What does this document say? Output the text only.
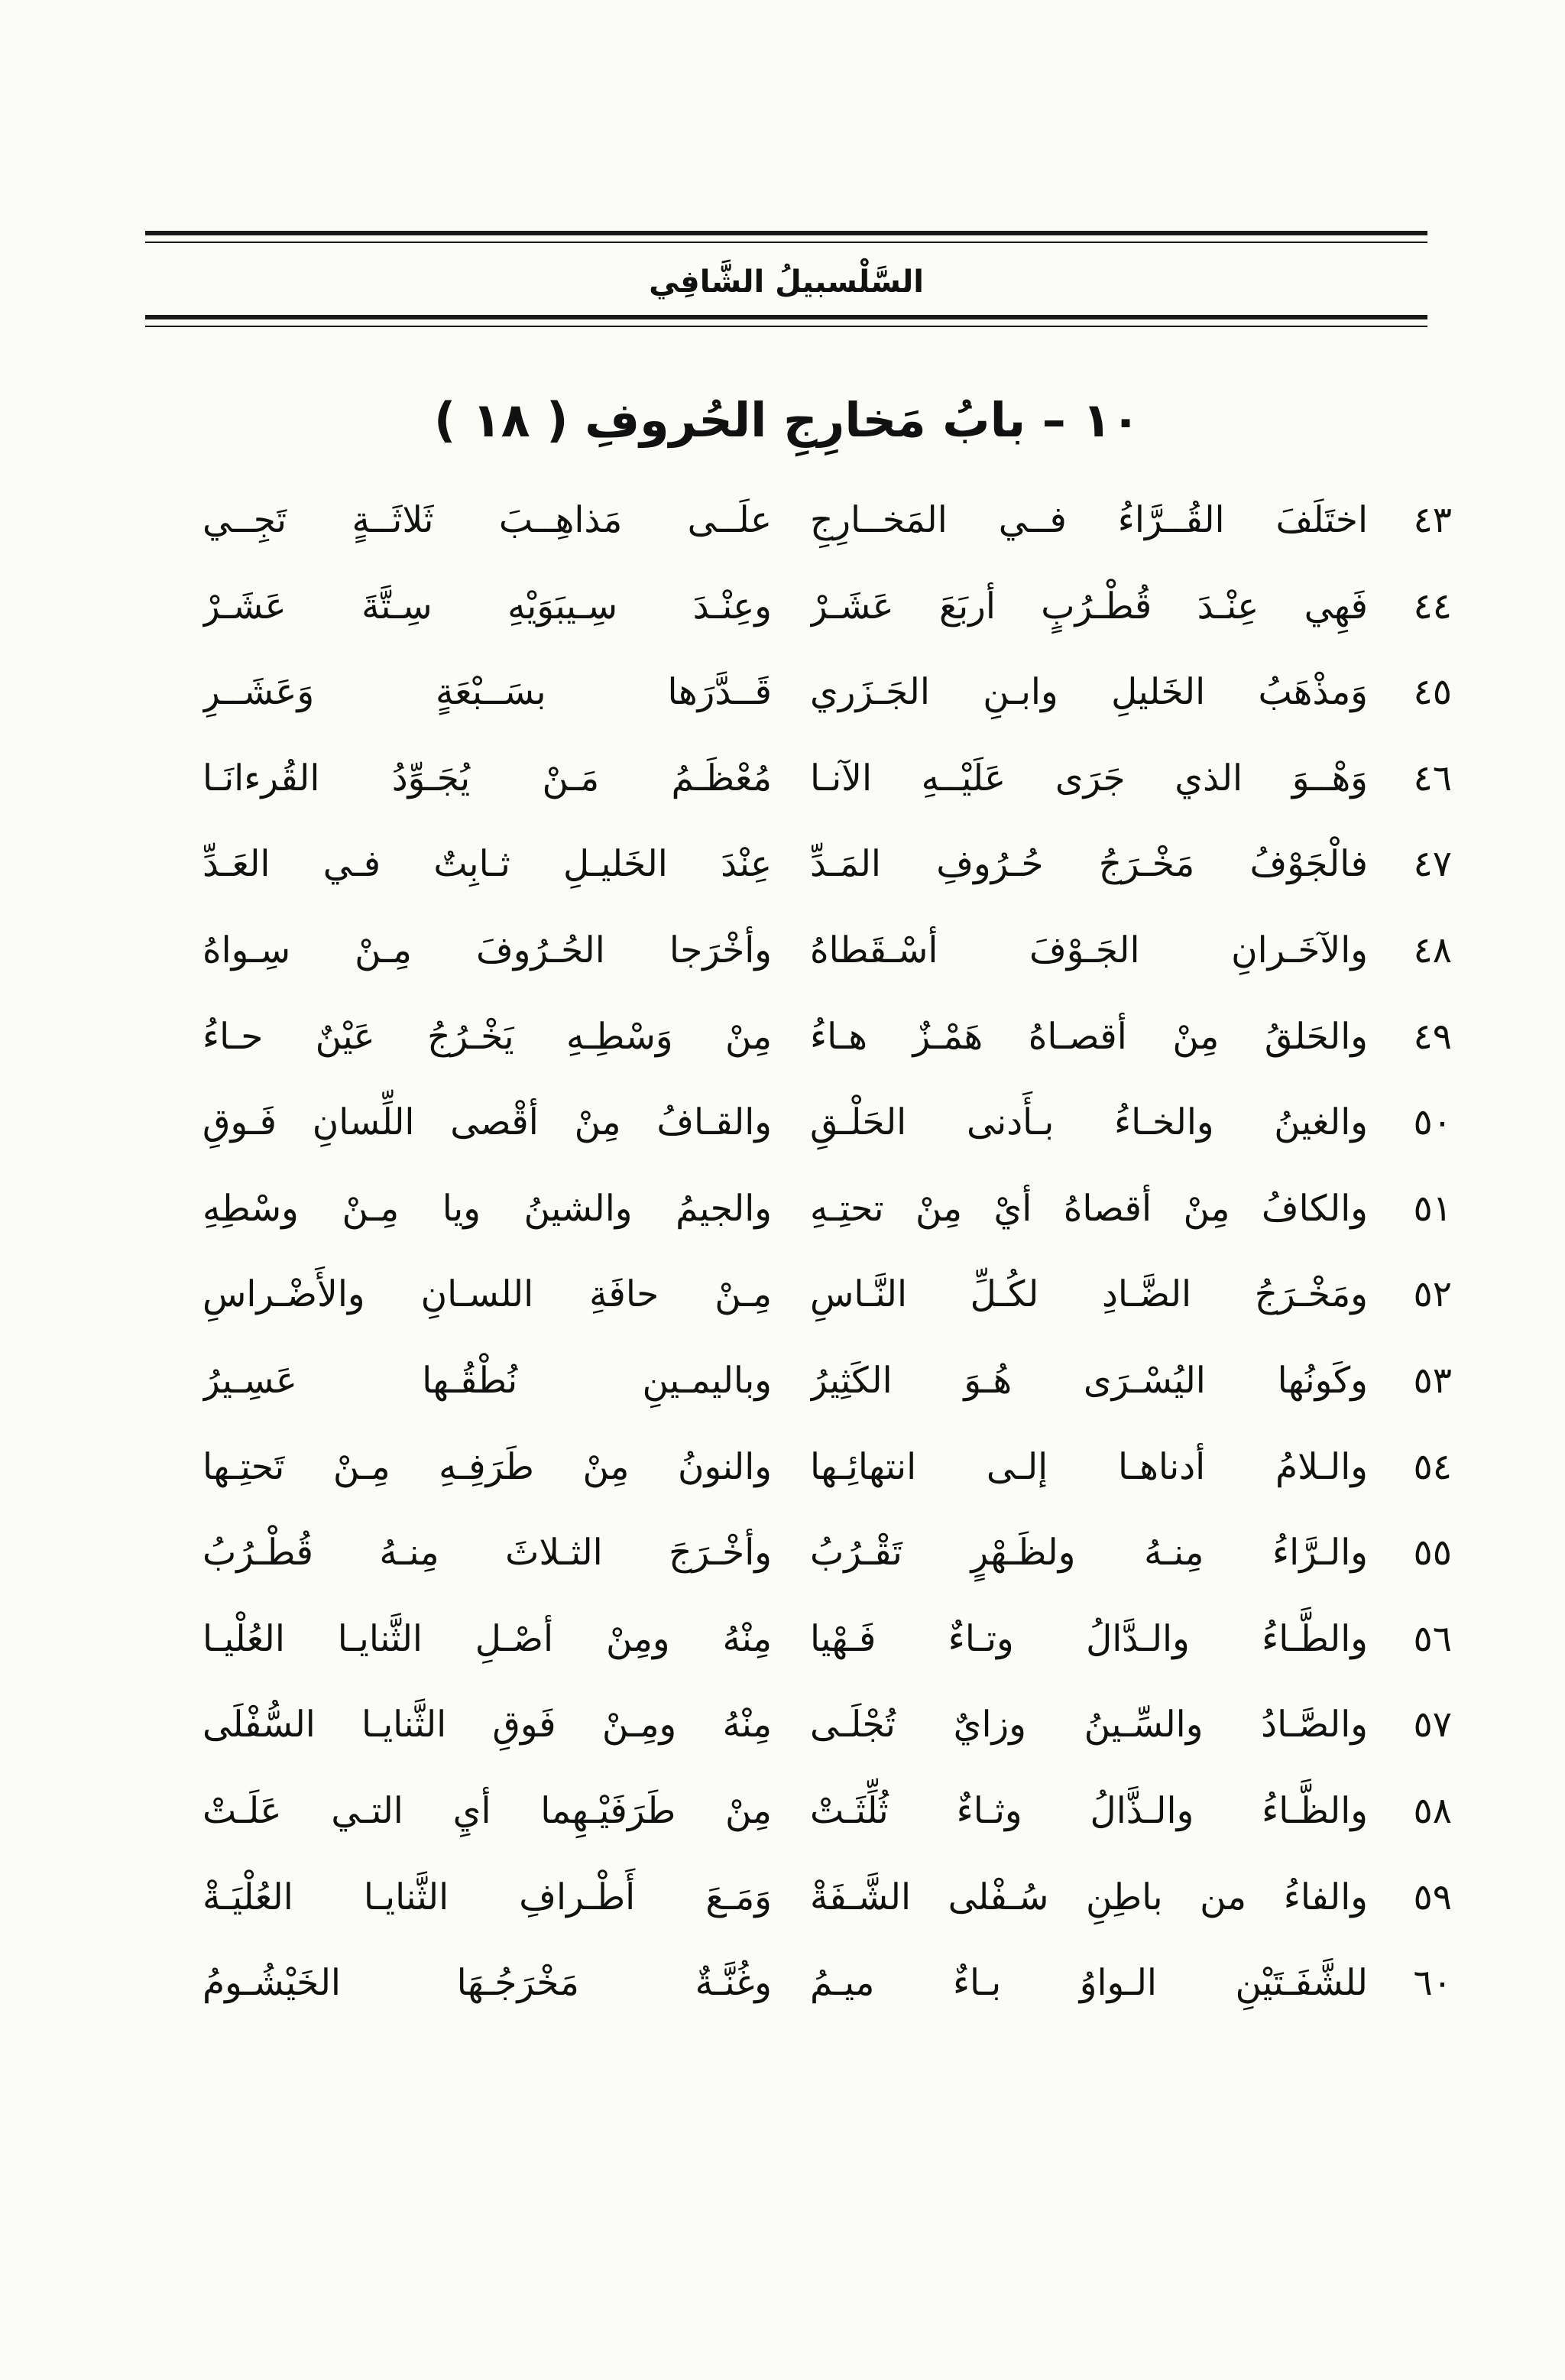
السَّلْسبيلُ الشَّافِي
١٠ – بابُ مَخارِجِ الحُروفِ ( ١٨ )
٤٣
اختَلَفَ القُــرَّاءُ فــي المَخــارِجِ
علَــى مَذاهِــبَ ثَلاثَــةٍ تَجِــي
٤٤
فَهِي عِنْـدَ قُطْـرُبٍ أربَعَ عَشَـرْ
وعِنْـدَ سِـيبَوَيْهِ سِـتَّةَ عَشَـرْ
٤٥
وَمذْهَبُ الخَليلِ وابـنِ الجَـزَري
قَــدَّرَها بسَــبْعَةٍ وَعَشَــرِ
٤٦
وَهْــوَ الذي جَرَى عَلَيْــهِ الآنـا
مُعْظَـمُ مَـنْ يُجَـوِّدُ القُرءانَـا
٤٧
فالْجَوْفُ مَخْـرَجُ حُـرُوفِ المَـدِّ
عِنْدَ الخَليـلِ ثـابِتٌ فـي العَـدِّ
٤٨
والآخَـرانِ الجَـوْفَ أسْـقَطاهُ
وأخْرَجا الحُـرُوفَ مِـنْ سِـواهُ
٤٩
والحَلقُ مِنْ أقصـاهُ هَمْـزٌ هـاءُ
مِنْ وَسْطِـهِ يَخْـرُجُ عَيْنٌ حـاءُ
٥٠
والغينُ والخـاءُ بـأَدنى الحَلْـقِ
والقـافُ مِنْ أقْصى اللِّسانِ فَـوقِ
٥١
والكافُ مِنْ أقصاهُ أيْ مِنْ تحتِـهِ
والجيمُ والشينُ ويا مِـنْ وسْطِهِ
٥٢
ومَخْـرَجُ الضَّـادِ لكُـلِّ النَّـاسِ
مِـنْ حافَةِ اللسـانِ والأَضْـراسِ
٥٣
وكَونُها اليُسْـرَى هُـوَ الكَثِيرُ
وباليمـينِ نُطْقُـها عَسِـيرُ
٥٤
والـلامُ أدناهـا إلـى انتهائِـها
والنونُ مِنْ طَرَفِـهِ مِـنْ تَحتِـها
٥٥
والـرَّاءُ مِنـهُ ولظَـهْرٍ تَقْـرُبُ
وأخْـرَجَ الثـلاثَ مِنـهُ قُطْـرُبُ
٥٦
والطَّـاءُ والـدَّالُ وتـاءٌ فَـهْيا
مِنْهُ ومِنْ أصْـلِ الثَّنايـا العُلْيـا
٥٧
والصَّـادُ والسِّـينُ وزايٌ تُجْلَـى
مِنْهُ ومِـنْ فَوقِ الثَّنايـا السُّفْلَى
٥٨
والظَّـاءُ والـذَّالُ وثـاءٌ ثُلِّثَـتْ
مِنْ طَرَفَيْـهِما أيِ التـي عَلَـتْ
٥٩
والفاءُ من باطِنِ سُـفْلى الشَّـفَةْ
وَمَـعَ أَطْـرافِ الثَّنايـا العُلْيَـةْ
٦٠
للشَّفَـتَيْنِ الـواوُ بـاءٌ ميـمُ
وغُنَّـةٌ مَخْرَجُـهَا الخَيْشُـومُ
